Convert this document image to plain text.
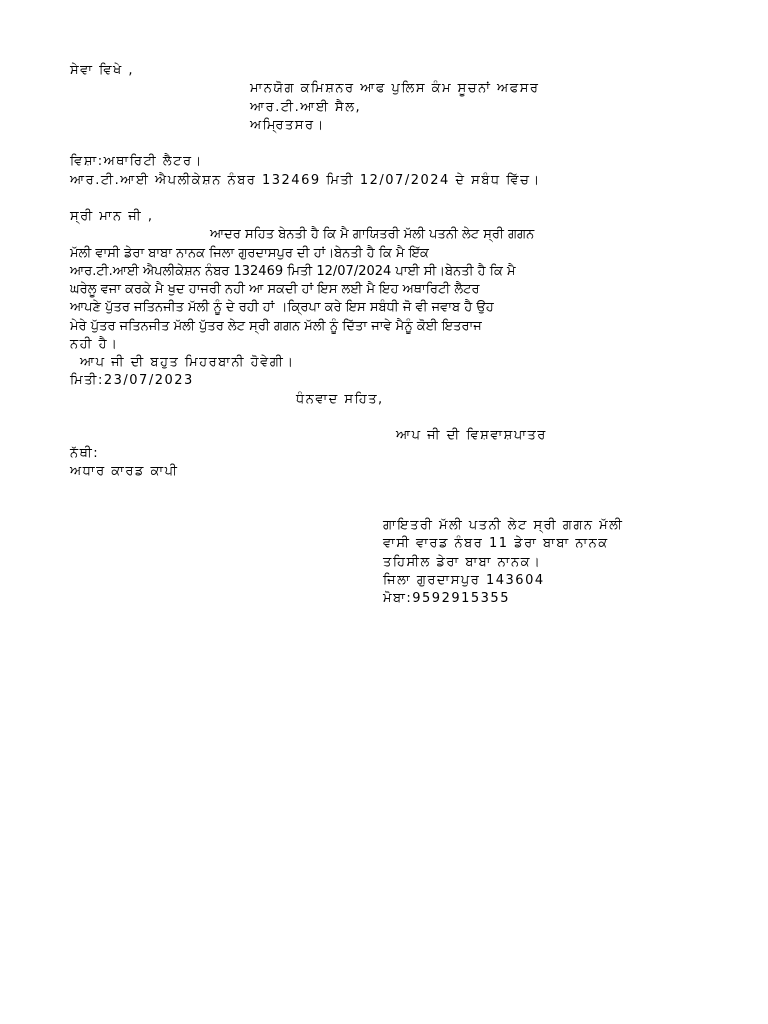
ਸੇਵਾ ਵਿਖੇ ,
ਮਾਨਯੋਗ ਕਮਿਸ਼ਨਰ ਆਫ ਪੁਲਿਸ ਕੰਮ ਸੂਚਨਾਂ ਅਫਸਰ
ਆਰ.ਟੀ.ਆਈ ਸੈਲ,
ਅਮ੍ਰਿਤਸਰ।
ਵਿਸ਼ਾ:ਅਥਾਰਿਟੀ ਲੈਟਰ।
ਆਰ.ਟੀ.ਆਈ ਐਪਲੀਕੇਸ਼ਨ ਨੰਬਰ 132469 ਮਿਤੀ 12/07/2024 ਦੇ ਸਬੰਧ ਵਿੱਚ।
ਸ੍ਰੀ ਮਾਨ ਜੀ ,
ਆਦਰ ਸਹਿਤ ਬੇਨਤੀ ਹੈ ਕਿ ਮੈ ਗਾਯਿਤਰੀ ਮੱਲੀ ਪਤਨੀ ਲੇਟ ਸ੍ਰੀ ਗਗਨ
ਮੱਲੀ ਵਾਸੀ ਡੇਰਾ ਬਾਬਾ ਨਾਨਕ ਜਿਲਾ ਗੁਰਦਾਸਪੁਰ ਦੀ ਹਾਂ।ਬੇਨਤੀ ਹੈ ਕਿ ਮੈ ਇੱਕ
ਆਰ.ਟੀ.ਆਈ ਐਪਲੀਕੇਸ਼ਨ ਨੰਬਰ 132469 ਮਿਤੀ 12/07/2024 ਪਾਈ ਸੀ।ਬੇਨਤੀ ਹੈ ਕਿ ਮੈ
ਘਰੇਲੂ ਵਜਾ ਕਰਕੇ ਮੈ ਖੁਦ ਹਾਜਰੀ ਨਹੀ ਆ ਸਕਦੀ ਹਾਂ ਇਸ ਲਈ ਮੈ ਇਹ ਅਥਾਰਿਟੀ ਲੈਟਰ
ਆਪਣੇ ਪੁੱਤਰ ਜਤਿਨਜੀਤ ਮੱਲੀ ਨੂੰ ਦੇ ਰਹੀ ਹਾਂ ।ਕ੍ਰਿਪਾ ਕਰੇ ਇਸ ਸਬੰਧੀ ਜੋ ਵੀ ਜਵਾਬ ਹੈ ਉਹ
ਮੇਰੇ ਪੁੱਤਰ ਜਤਿਨਜੀਤ ਮੱਲੀ ਪੁੱਤਰ ਲੇਟ ਸ੍ਰੀ ਗਗਨ ਮੱਲੀ ਨੂੰ ਦਿੱਤਾ ਜਾਵੇ ਮੈਨੂੰ ਕੋਈ ਇਤਰਾਜ
ਨਹੀ ਹੈ।
ਆਪ ਜੀ ਦੀ ਬਹੁਤ ਮਿਹਰਬਾਨੀ ਹੋਵੇਗੀ।
ਮਿਤੀ:23/07/2023
ਧੰਨਵਾਦ ਸਹਿਤ,
ਆਪ ਜੀ ਦੀ ਵਿਸ਼ਵਾਸ਼ਪਾਤਰ
ਨੱਥੀ:
ਅਧਾਰ ਕਾਰਡ ਕਾਪੀ
ਗਾਇਤਰੀ ਮੱਲੀ ਪਤਨੀ ਲੇਟ ਸ੍ਰੀ ਗਗਨ ਮੱਲੀ
ਵਾਸੀ ਵਾਰਡ ਨੰਬਰ 11 ਡੇਰਾ ਬਾਬਾ ਨਾਨਕ
ਤਹਿਸੀਲ ਡੇਰਾ ਬਾਬਾ ਨਾਨਕ।
ਜਿਲਾ ਗੁਰਦਾਸਪੁਰ 143604
ਮੋਬਾ:9592915355
